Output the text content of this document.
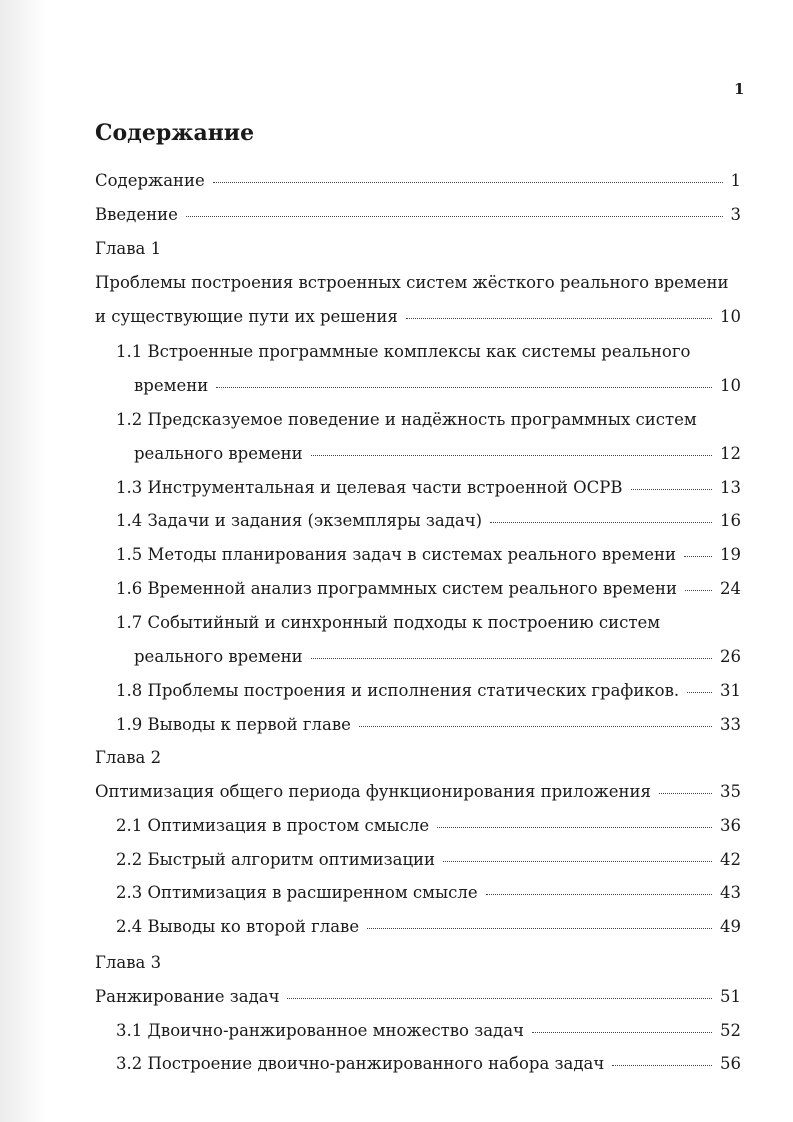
1
Содержание
Содержание	1
Введение	3
Глава 1
Проблемы построения встроенных систем жёсткого реального времени
и существующие пути их решения	10
1.1 Встроенные программные комплексы как системы реального
времени	10
1.2 Предсказуемое поведение и надёжность программных систем
реального времени	12
1.3 Инструментальная и целевая части встроенной ОСРВ	13
1.4 Задачи и задания (экземпляры задач)	16
1.5 Методы планирования задач в системах реального времени	19
1.6 Временной анализ программных систем реального времени	24
1.7 Событийный и синхронный подходы к построению систем
реального времени	26
1.8 Проблемы построения и исполнения статических графиков. 31
1.9 Выводы к первой главе	33
Глава 2
Оптимизация общего периода функционирования приложения	35
2.1 Оптимизация в простом смысле	36
2.2 Быстрый алгоритм оптимизации	42
2.3 Оптимизация в расширенном смысле	43
2.4 Выводы ко второй главе	49
Глава 3
Ранжирование задач	51
3.1 Двоично-ранжированное множество задач	52
3.2 Построение двоично-ранжированного набора задач	56
